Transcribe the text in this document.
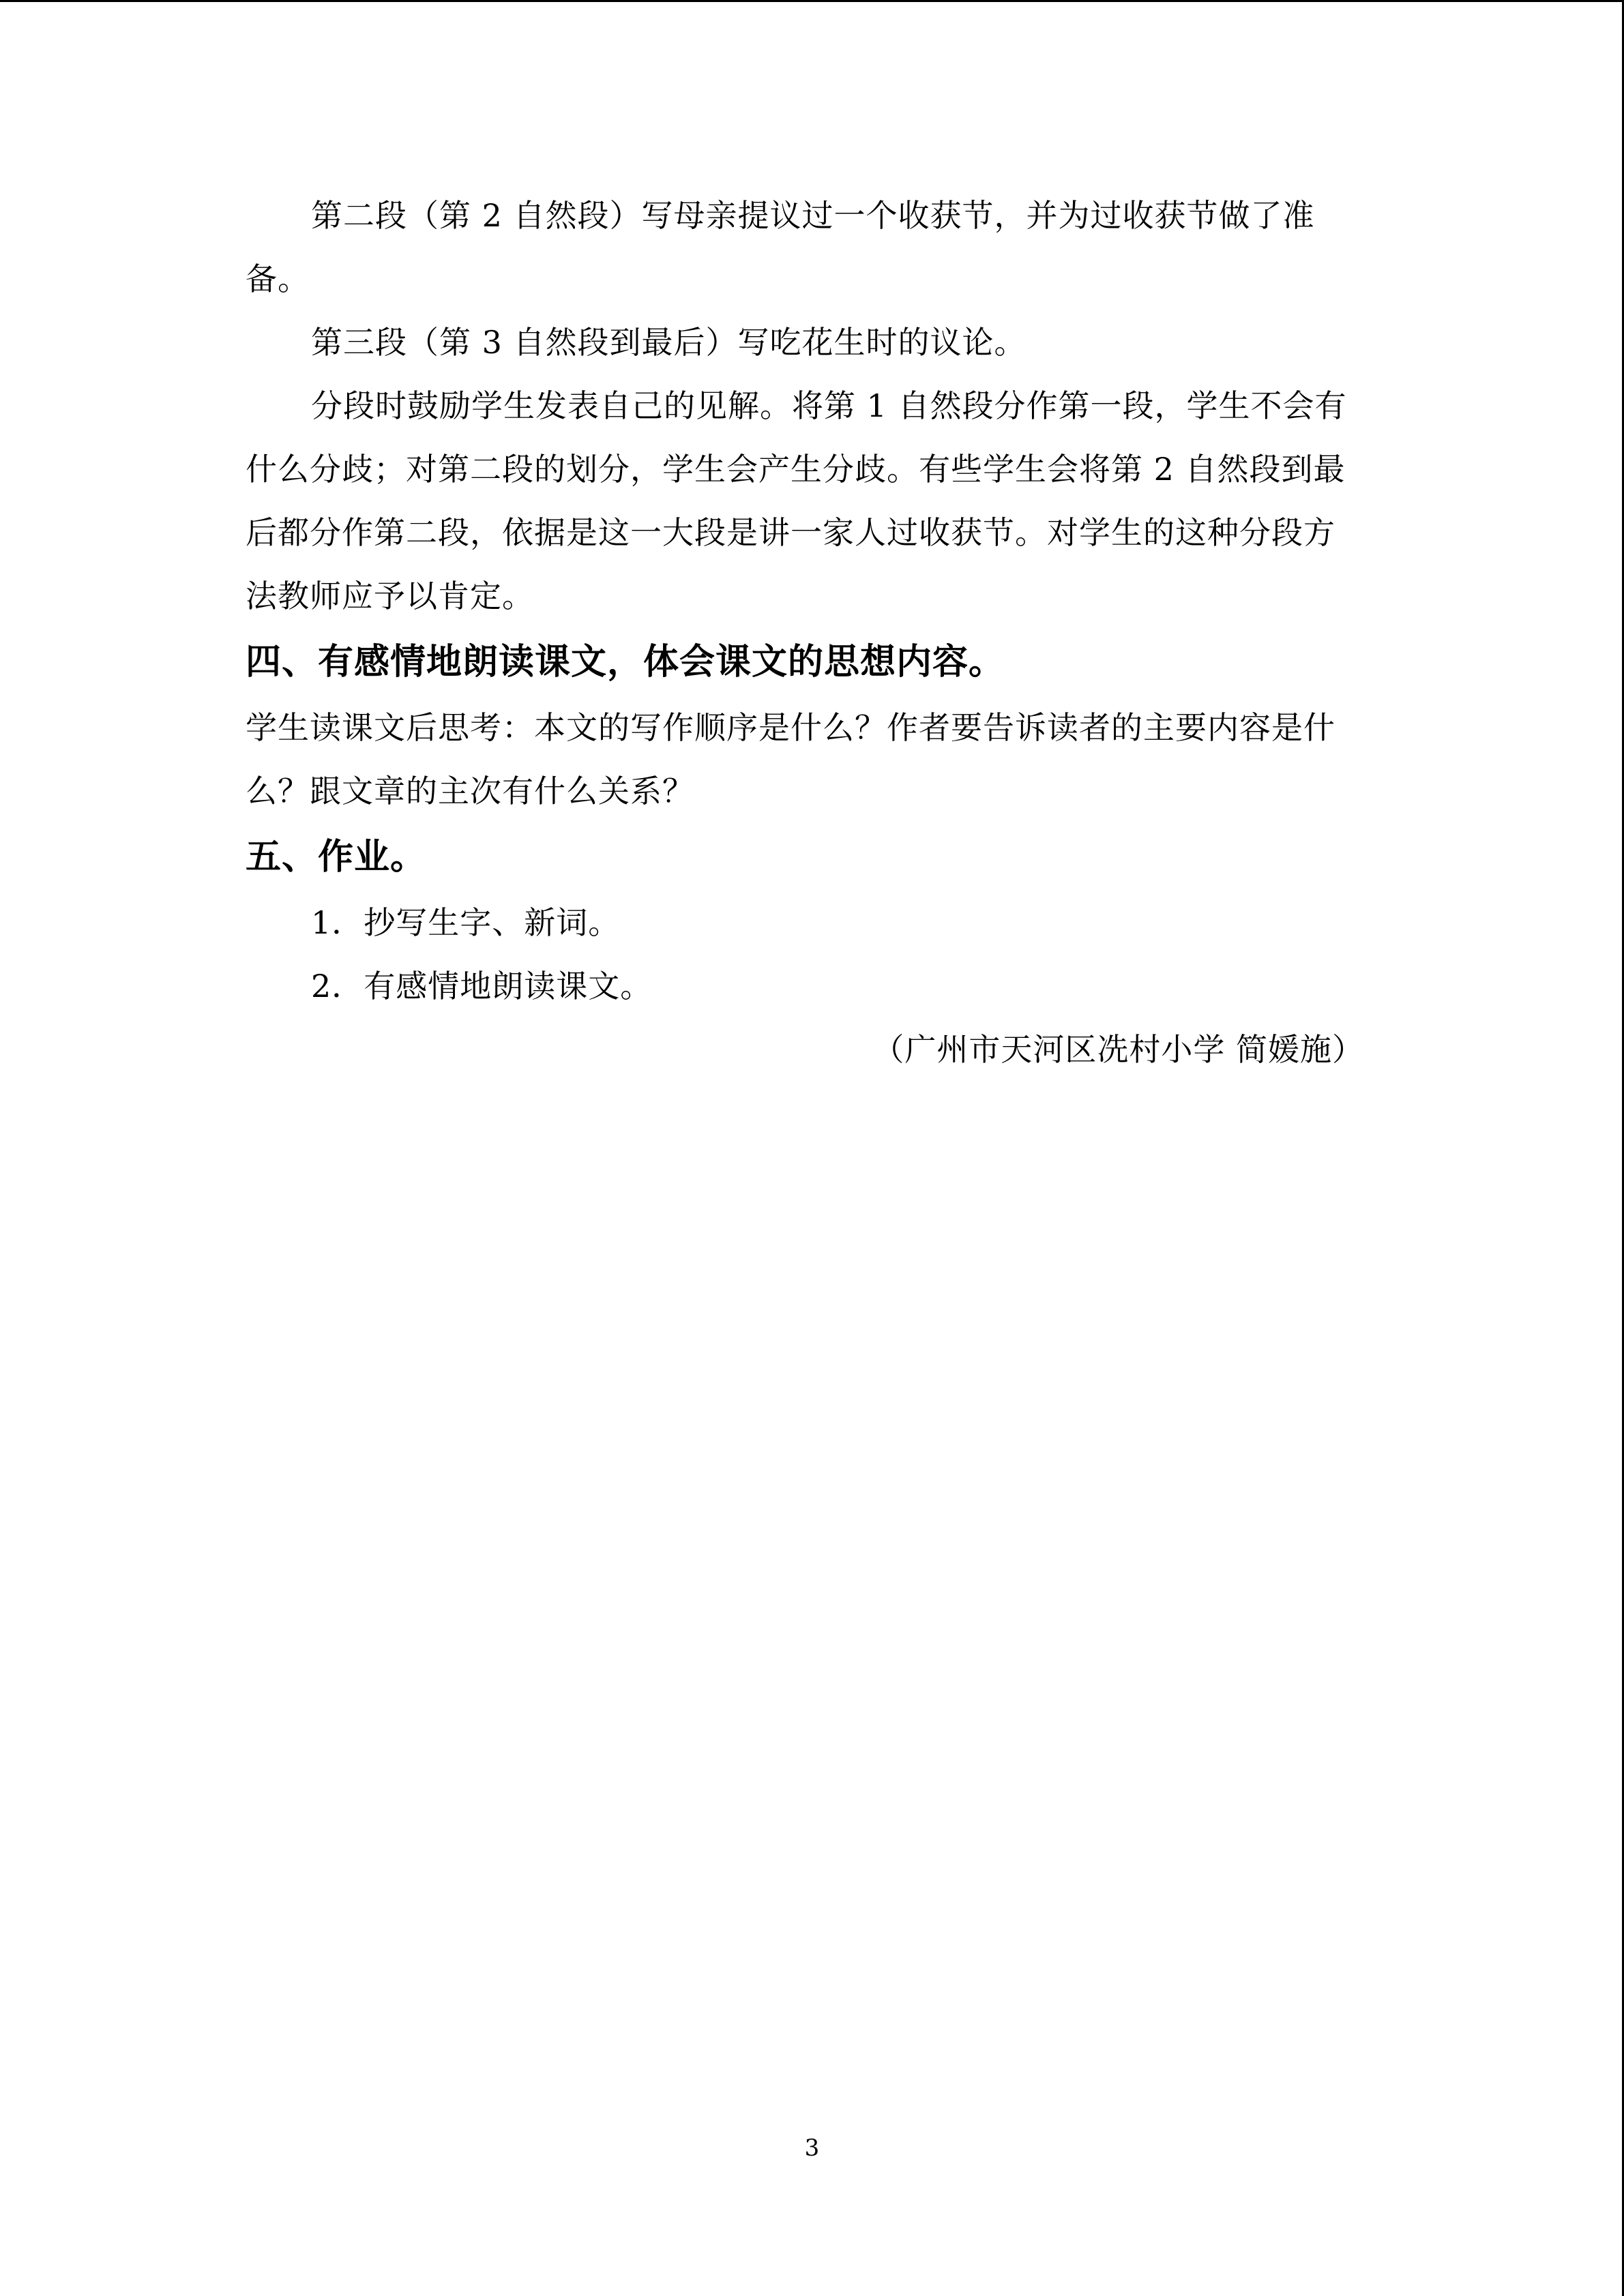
第二段（第 2 自然段）写母亲提议过一个收获节，并为过收获节做了准备。

第三段（第 3 自然段到最后）写吃花生时的议论。

分段时鼓励学生发表自己的见解。将第 1 自然段分作第一段，学生不会有什么分歧；对第二段的划分，学生会产生分歧。有些学生会将第 2 自然段到最后都分作第二段，依据是这一大段是讲一家人过收获节。对学生的这种分段方法教师应予以肯定。

四、有感情地朗读课文，体会课文的思想内容。

学生读课文后思考：本文的写作顺序是什么？作者要告诉读者的主要内容是什么？跟文章的主次有什么关系？

五、作业。

1．抄写生字、新词。

2．有感情地朗读课文。

（广州市天河区冼村小学 简媛施）

3
